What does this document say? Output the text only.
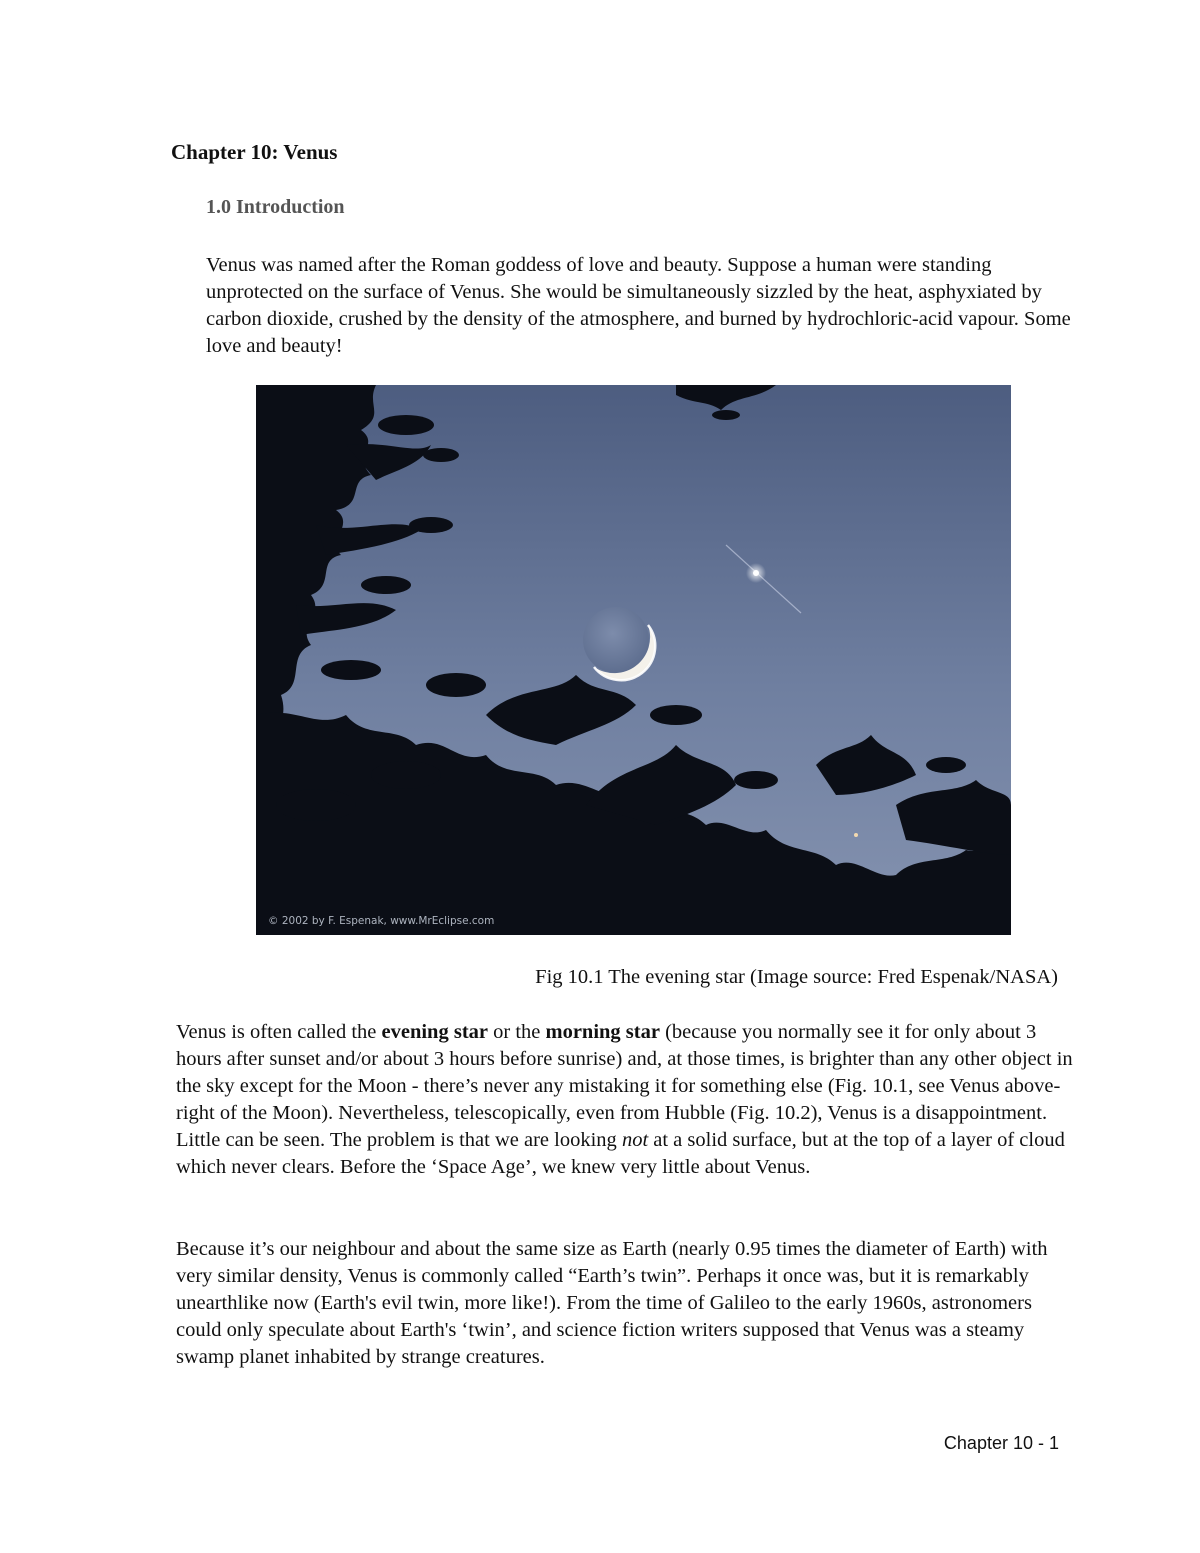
Chapter 10: Venus
1.0 Introduction

Venus was named after the Roman goddess of love and beauty. Suppose a human were standing unprotected on the surface of Venus. She would be simultaneously sizzled by the heat, asphyxiated by carbon dioxide, crushed by the density of the atmosphere, and burned by hydrochloric-acid vapour. Some love and beauty!

© 2002 by F. Espenak, www.MrEclipse.com

Fig 10.1 The evening star (Image source: Fred Espenak/NASA)

Venus is often called the evening star or the morning star (because you normally see it for only about 3 hours after sunset and/or about 3 hours before sunrise) and, at those times, is brighter than any other object in the sky except for the Moon - there’s never any mistaking it for something else (Fig. 10.1, see Venus above-right of the Moon). Nevertheless, telescopically, even from Hubble (Fig. 10.2), Venus is a disappointment. Little can be seen. The problem is that we are looking not at a solid surface, but at the top of a layer of cloud which never clears. Before the ‘Space Age’, we knew very little about Venus.

Because it’s our neighbour and about the same size as Earth (nearly 0.95 times the diameter of Earth) with very similar density, Venus is commonly called “Earth’s twin”. Perhaps it once was, but it is remarkably unearthlike now (Earth's evil twin, more like!). From the time of Galileo to the early 1960s, astronomers could only speculate about Earth's ‘twin’, and science fiction writers supposed that Venus was a steamy swamp planet inhabited by strange creatures.

Chapter 10 - 1
